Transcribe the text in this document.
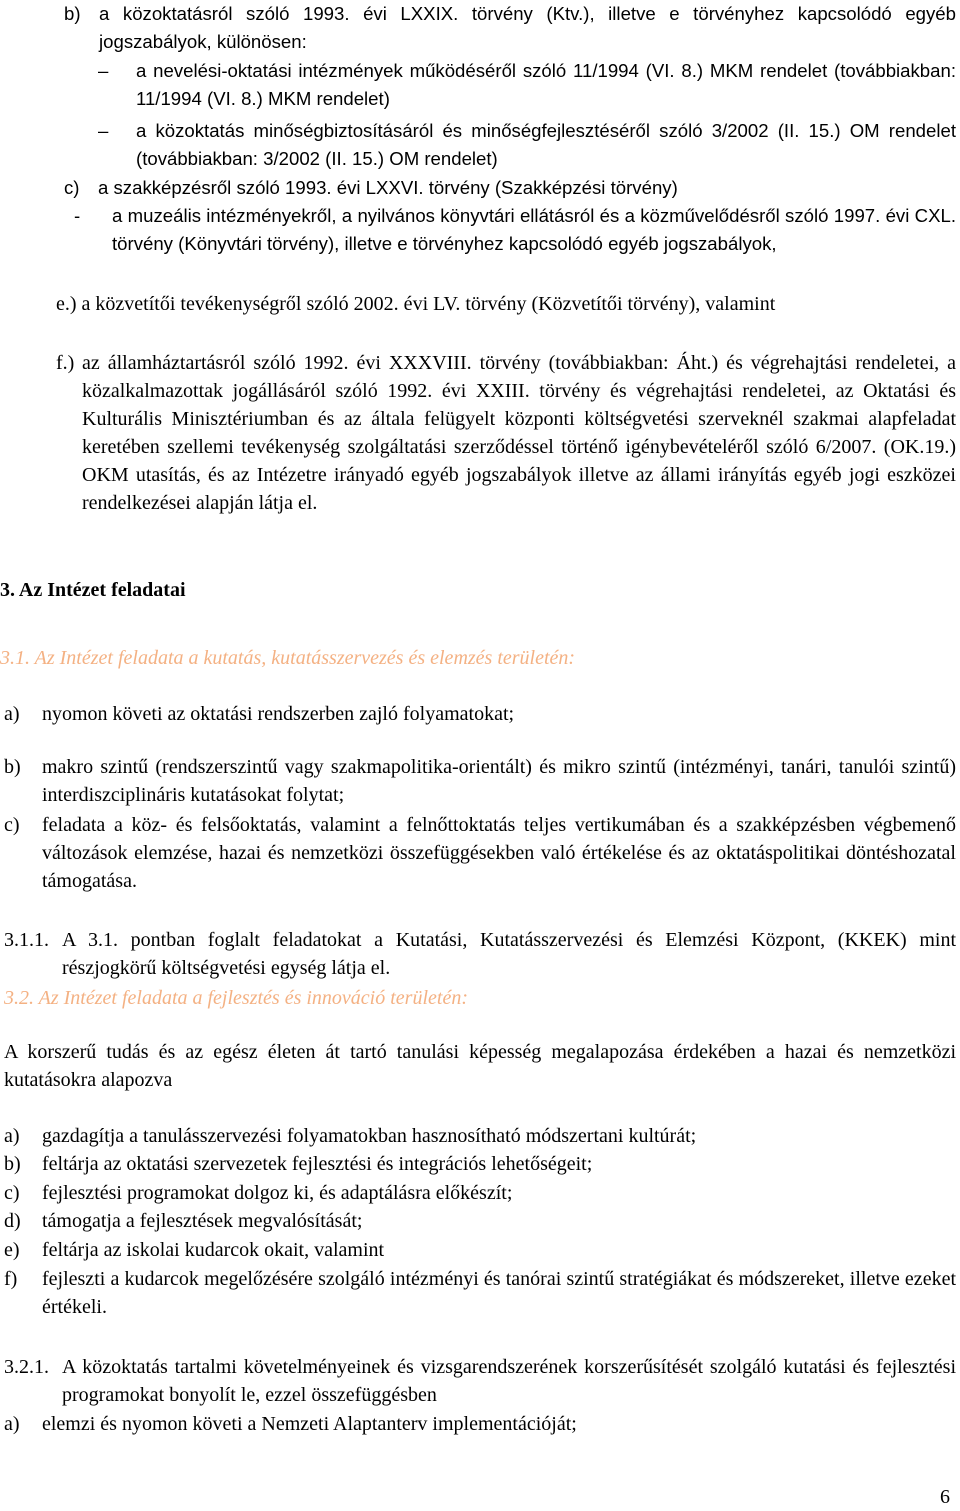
b) a közoktatásról szóló 1993. évi LXXIX. törvény (Ktv.), illetve e törvényhez kapcsolódó egyéb jogszabályok, különösen:
–	a nevelési-oktatási intézmények működéséről szóló 11/1994 (VI. 8.) MKM rendelet (továbbiakban: 11/1994 (VI. 8.) MKM rendelet)
–	a közoktatás minőségbiztosításáról és minőségfejlesztéséről szóló 3/2002 (II. 15.) OM rendelet (továbbiakban: 3/2002 (II. 15.) OM rendelet)
c) a szakképzésről szóló 1993. évi LXXVI. törvény (Szakképzési törvény)
-	a muzeális intézményekről, a nyilvános könyvtári ellátásról és a közművelődésről szóló 1997. évi CXL. törvény (Könyvtári törvény), illetve e törvényhez kapcsolódó egyéb jogszabályok,
e.) a közvetítői tevékenységről szóló 2002. évi LV. törvény (Közvetítői törvény), valamint
f.) az államháztartásról szóló 1992. évi XXXVIII. törvény (továbbiakban: Áht.) és végrehajtási rendeletei, a közalkalmazottak jogállásáról szóló 1992. évi XXIII. törvény és végrehajtási rendeletei, az Oktatási és Kulturális Minisztériumban és az általa felügyelt központi költségvetési szerveknél szakmai alapfeladat keretében szellemi tevékenység szolgáltatási szerződéssel történő igénybevételéről szóló 6/2007. (OK.19.) OKM utasítás, és az Intézetre irányadó egyéb jogszabályok illetve az állami irányítás egyéb jogi eszközei rendelkezései alapján látja el.
3. Az Intézet feladatai
3.1. Az Intézet feladata a kutatás, kutatásszervezés és elemzés területén:
a) nyomon követi az oktatási rendszerben zajló folyamatokat;
b) makro szintű (rendszerszintű vagy szakmapolitika-orientált) és mikro szintű (intézményi, tanári, tanulói szintű) interdiszciplináris kutatásokat folytat;
c) feladata a köz- és felsőoktatás, valamint a felnőttoktatás teljes vertikumában és a szakképzésben végbemenő változások elemzése, hazai és nemzetközi összefüggésekben való értékelése és az oktatáspolitikai döntéshozatal támogatása.
3.1.1. A 3.1. pontban foglalt feladatokat a Kutatási, Kutatásszervezési és Elemzési Központ, (KKEK) mint részjogkörű költségvetési egység látja el.
3.2. Az Intézet feladata a fejlesztés és innováció területén:
A korszerű tudás és az egész életen át tartó tanulási képesség megalapozása érdekében a hazai és nemzetközi kutatásokra alapozva
a) gazdagítja a tanulásszervezési folyamatokban hasznosítható módszertani kultúrát;
b) feltárja az oktatási szervezetek fejlesztési és integrációs lehetőségeit;
c) fejlesztési programokat dolgoz ki, és adaptálásra előkészít;
d) támogatja a fejlesztések megvalósítását;
e) feltárja az iskolai kudarcok okait, valamint
f) fejleszti a kudarcok megelőzésére szolgáló intézményi és tanórai szintű stratégiákat és módszereket, illetve ezeket értékeli.
3.2.1. A közoktatás tartalmi követelményeinek és vizsgarendszerének korszerűsítését szolgáló kutatási és fejlesztési programokat bonyolít le, ezzel összefüggésben
a) elemzi és nyomon követi a Nemzeti Alaptanterv implementációját;
6
